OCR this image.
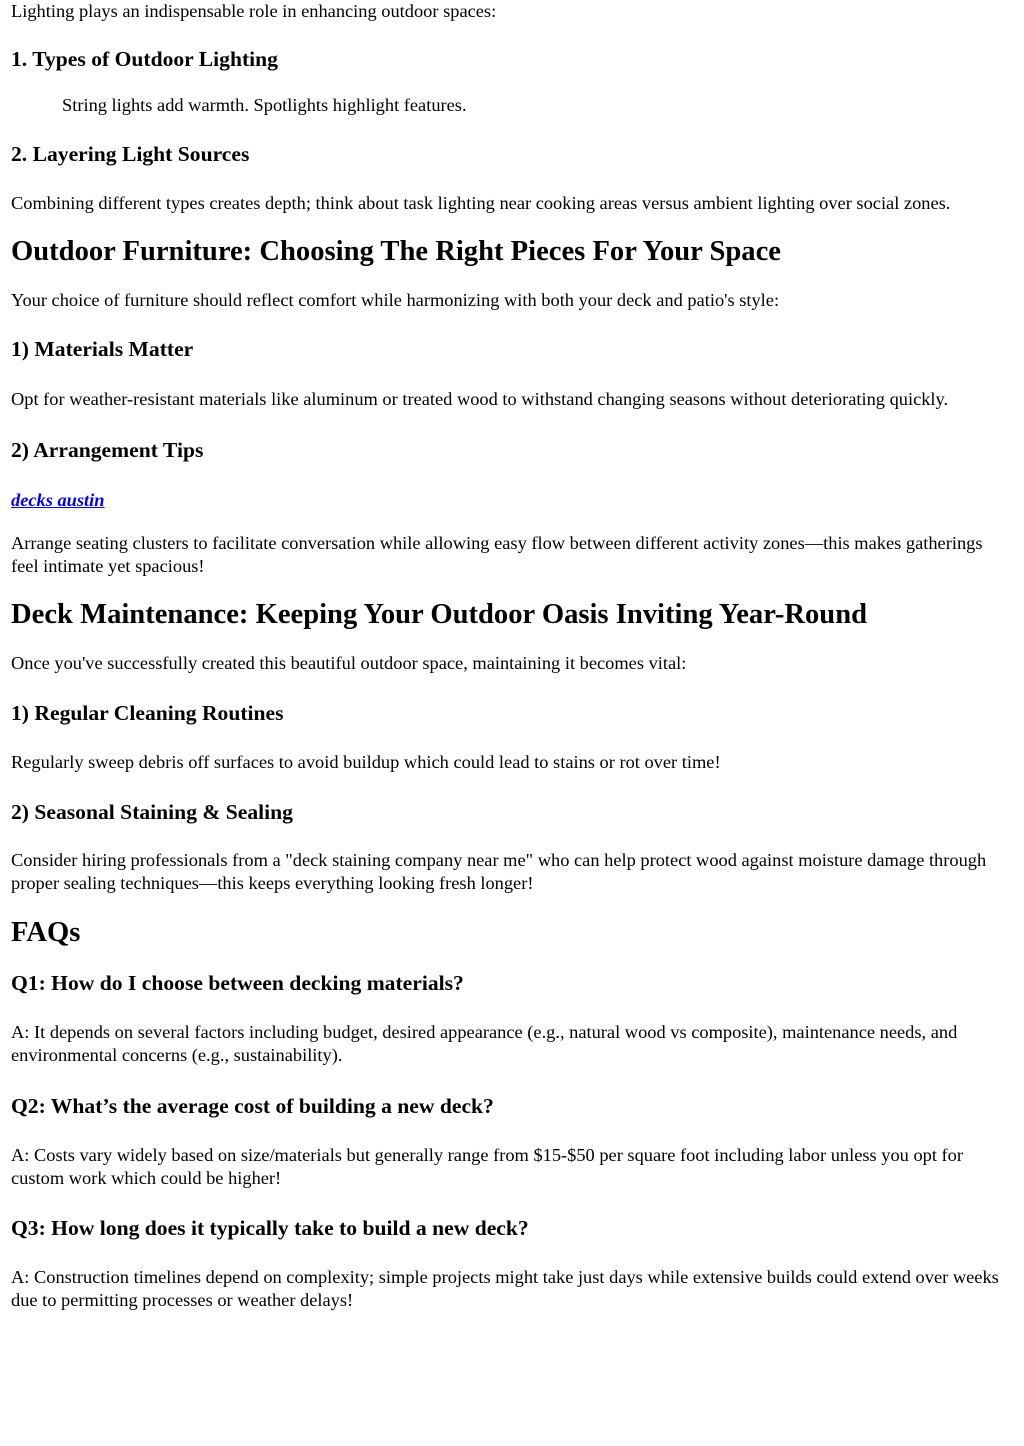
Lighting plays an indispensable role in enhancing outdoor spaces:

1. Types of Outdoor Lighting

String lights add warmth. Spotlights highlight features.

2. Layering Light Sources

Combining different types creates depth; think about task lighting near cooking areas versus ambient lighting over social zones.

Outdoor Furniture: Choosing The Right Pieces For Your Space

Your choice of furniture should reflect comfort while harmonizing with both your deck and patio's style:

1) Materials Matter

Opt for weather-resistant materials like aluminum or treated wood to withstand changing seasons without deteriorating quickly.

2) Arrangement Tips

decks austin

Arrange seating clusters to facilitate conversation while allowing easy flow between different activity zones—this makes gatherings feel intimate yet spacious!

Deck Maintenance: Keeping Your Outdoor Oasis Inviting Year-Round

Once you've successfully created this beautiful outdoor space, maintaining it becomes vital:

1) Regular Cleaning Routines

Regularly sweep debris off surfaces to avoid buildup which could lead to stains or rot over time!

2) Seasonal Staining & Sealing

Consider hiring professionals from a "deck staining company near me" who can help protect wood against moisture damage through proper sealing techniques—this keeps everything looking fresh longer!

FAQs
Q1: How do I choose between decking materials?

A: It depends on several factors including budget, desired appearance (e.g., natural wood vs composite), maintenance needs, and environmental concerns (e.g., sustainability).

Q2: What’s the average cost of building a new deck?

A: Costs vary widely based on size/materials but generally range from $15-$50 per square foot including labor unless you opt for custom work which could be higher!

Q3: How long does it typically take to build a new deck?

A: Construction timelines depend on complexity; simple projects might take just days while extensive builds could extend over weeks due to permitting processes or weather delays!
